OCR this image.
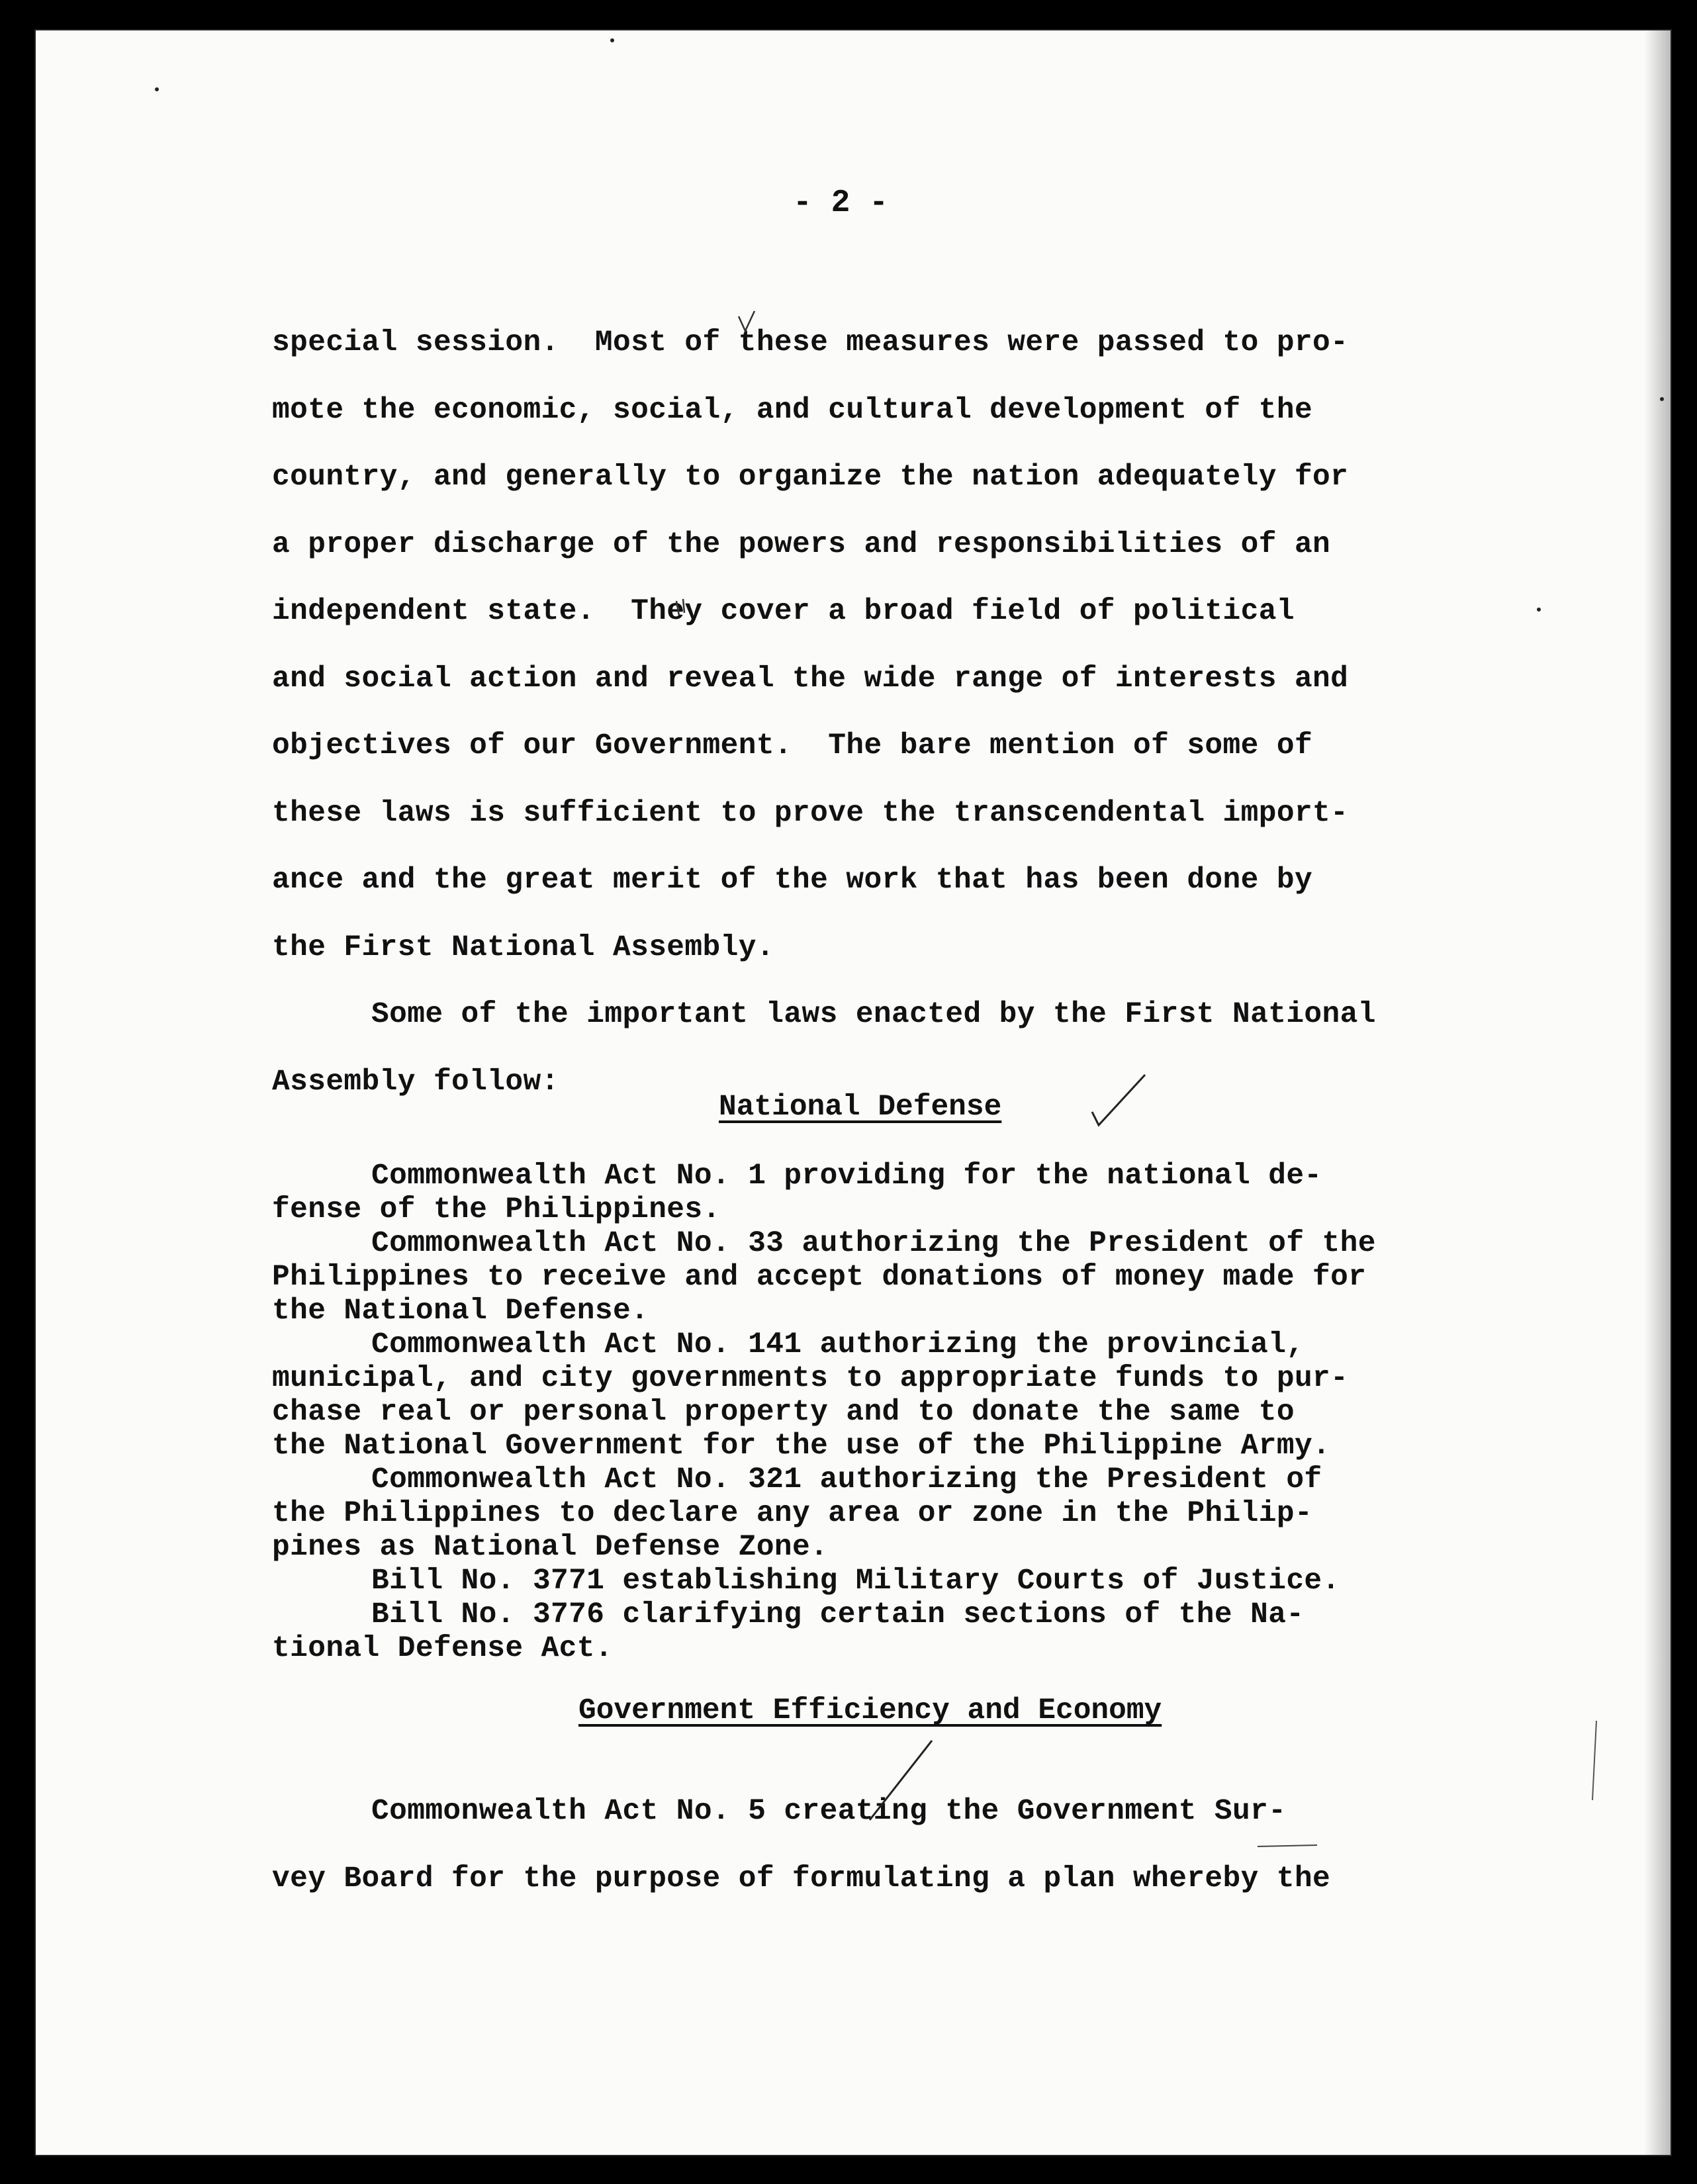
- 2 -
special session.  Most of these measures were passed to pro-
mote the economic, social, and cultural development of the
country, and generally to organize the nation adequately for
a proper discharge of the powers and responsibilities of an
independent state.  They cover a broad field of political
and social action and reveal the wide range of interests and
objectives of our Government.  The bare mention of some of
these laws is sufficient to prove the transcendental import-
ance and the great merit of the work that has been done by
the First National Assembly.
Some of the important laws enacted by the First National
Assembly follow:
National Defense
Commonwealth Act No. 1 providing for the national de-
fense of the Philippines.
Commonwealth Act No. 33 authorizing the President of the
Philippines to receive and accept donations of money made for
the National Defense.
Commonwealth Act No. 141 authorizing the provincial,
municipal, and city governments to appropriate funds to pur-
chase real or personal property and to donate the same to
the National Government for the use of the Philippine Army.
Commonwealth Act No. 321 authorizing the President of
the Philippines to declare any area or zone in the Philip-
pines as National Defense Zone.
Bill No. 3771 establishing Military Courts of Justice.
Bill No. 3776 clarifying certain sections of the Na-
tional Defense Act.
Government Efficiency and Economy
Commonwealth Act No. 5 creating the Government Sur-
vey Board for the purpose of formulating a plan whereby the
